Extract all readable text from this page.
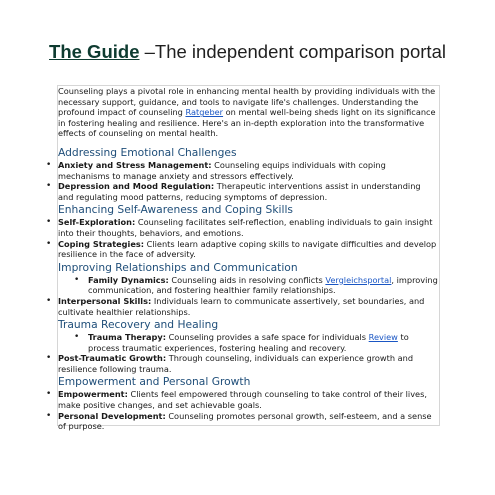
The Guide –The independent comparison portal

Counseling plays a pivotal role in enhancing mental health by providing individuals with the necessary support, guidance, and tools to navigate life's challenges. Understanding the profound impact of counseling Ratgeber on mental well-being sheds light on its significance in fostering healing and resilience. Here's an in-depth exploration into the transformative effects of counseling on mental health.

Addressing Emotional Challenges

• Anxiety and Stress Management: Counseling equips individuals with coping mechanisms to manage anxiety and stressors effectively.

• Depression and Mood Regulation: Therapeutic interventions assist in understanding and regulating mood patterns, reducing symptoms of depression.

Enhancing Self-Awareness and Coping Skills

• Self-Exploration: Counseling facilitates self-reflection, enabling individuals to gain insight into their thoughts, behaviors, and emotions.

• Coping Strategies: Clients learn adaptive coping skills to navigate difficulties and develop resilience in the face of adversity.

Improving Relationships and Communication

• Family Dynamics: Counseling aids in resolving conflicts Vergleichsportal, improving communication, and fostering healthier family relationships.

• Interpersonal Skills: Individuals learn to communicate assertively, set boundaries, and cultivate healthier relationships.

Trauma Recovery and Healing

• Trauma Therapy: Counseling provides a safe space for individuals Review to process traumatic experiences, fostering healing and recovery.

• Post-Traumatic Growth: Through counseling, individuals can experience growth and resilience following trauma.

Empowerment and Personal Growth

• Empowerment: Clients feel empowered through counseling to take control of their lives, make positive changes, and set achievable goals.

• Personal Development: Counseling promotes personal growth, self-esteem, and a sense of purpose.
